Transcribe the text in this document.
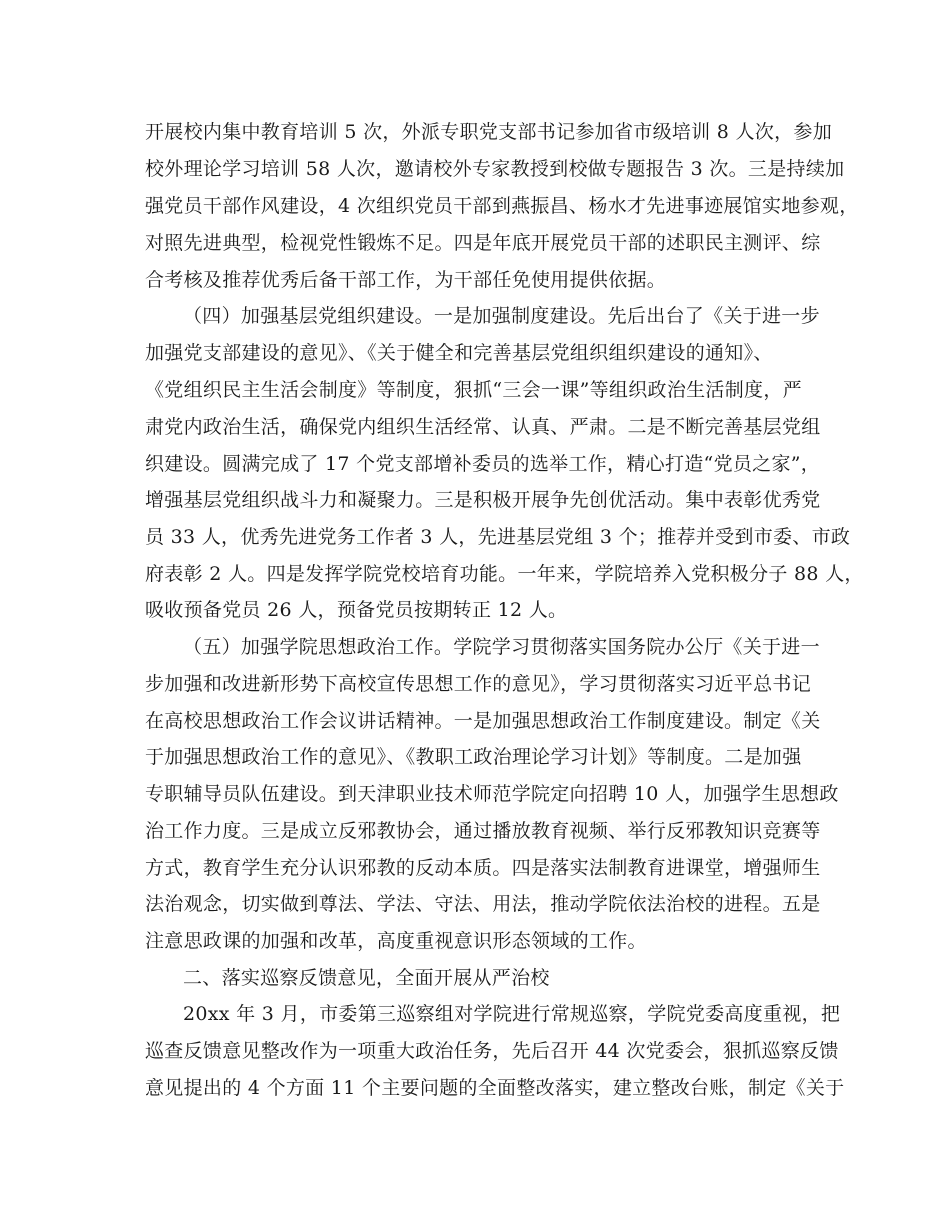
开展校内集中教育培训 5 次，外派专职党支部书记参加省市级培训 8 人次，参加
校外理论学习培训 58 人次，邀请校外专家教授到校做专题报告 3 次。三是持续加
强党员干部作风建设，4 次组织党员干部到燕振昌、杨水才先进事迹展馆实地参观，
对照先进典型，检视党性锻炼不足。四是年底开展党员干部的述职民主测评、综
合考核及推荐优秀后备干部工作，为干部任免使用提供依据。
（四）加强基层党组织建设。一是加强制度建设。先后出台了《关于进一步
加强党支部建设的意见》、《关于健全和完善基层党组织组织建设的通知》、
《党组织民主生活会制度》等制度，狠抓“三会一课”等组织政治生活制度，严
肃党内政治生活，确保党内组织生活经常、认真、严肃。二是不断完善基层党组
织建设。圆满完成了 17 个党支部增补委员的选举工作，精心打造“党员之家”，
增强基层党组织战斗力和凝聚力。三是积极开展争先创优活动。集中表彰优秀党
员 33 人，优秀先进党务工作者 3 人，先进基层党组 3 个；推荐并受到市委、市政
府表彰 2 人。四是发挥学院党校培育功能。一年来，学院培养入党积极分子 88 人，
吸收预备党员 26 人，预备党员按期转正 12 人。
（五）加强学院思想政治工作。学院学习贯彻落实国务院办公厅《关于进一
步加强和改进新形势下高校宣传思想工作的意见》，学习贯彻落实习近平总书记
在高校思想政治工作会议讲话精神。一是加强思想政治工作制度建设。制定《关
于加强思想政治工作的意见》、《教职工政治理论学习计划》等制度。二是加强
专职辅导员队伍建设。到天津职业技术师范学院定向招聘 10 人，加强学生思想政
治工作力度。三是成立反邪教协会，通过播放教育视频、举行反邪教知识竞赛等
方式，教育学生充分认识邪教的反动本质。四是落实法制教育进课堂，增强师生
法治观念，切实做到尊法、学法、守法、用法，推动学院依法治校的进程。五是
注意思政课的加强和改革，高度重视意识形态领域的工作。
二、落实巡察反馈意见，全面开展从严治校
20xx 年 3 月，市委第三巡察组对学院进行常规巡察，学院党委高度重视，把
巡查反馈意见整改作为一项重大政治任务，先后召开 44 次党委会，狠抓巡察反馈
意见提出的 4 个方面 11 个主要问题的全面整改落实，建立整改台账，制定《关于
